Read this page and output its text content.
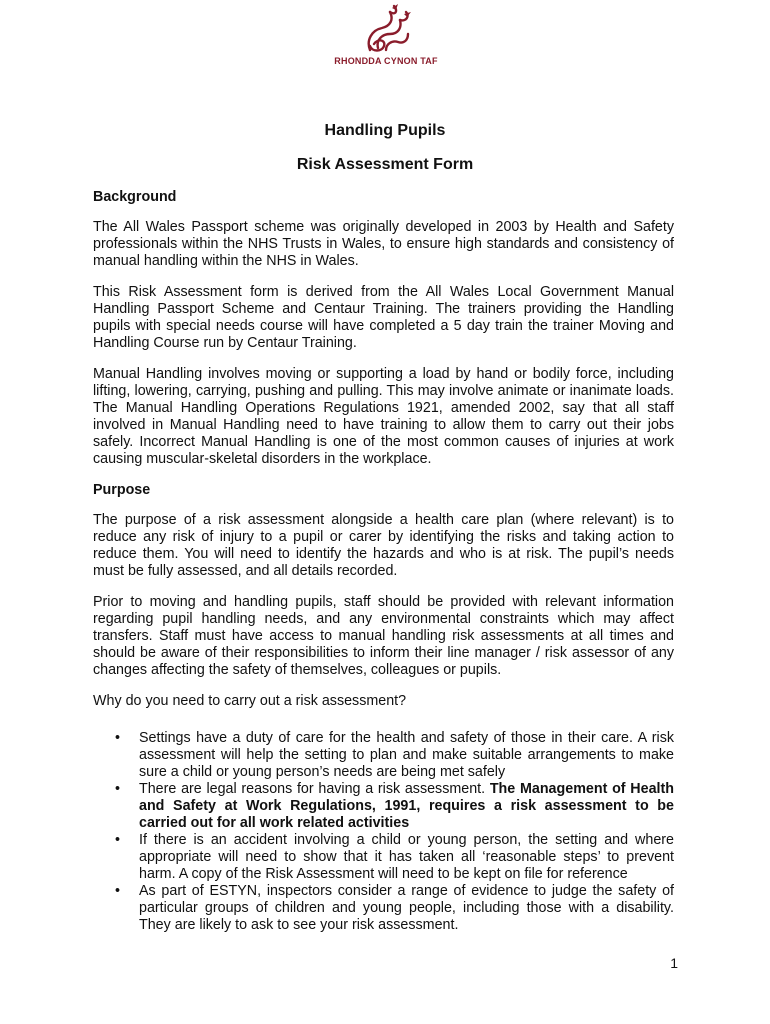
RHONDDA CYNON TAF
Handling Pupils
Risk Assessment Form
Background

The All Wales Passport scheme was originally developed in 2003 by Health and Safety professionals within the NHS Trusts in Wales, to ensure high standards and consistency of manual handling within the NHS in Wales.

This Risk Assessment form is derived from the All Wales Local Government Manual Handling Passport Scheme and Centaur Training. The trainers providing the Handling pupils with special needs course will have completed a 5 day train the trainer Moving and Handling Course run by Centaur Training.

Manual Handling involves moving or supporting a load by hand or bodily force, including lifting, lowering, carrying, pushing and pulling. This may involve animate or inanimate loads. The Manual Handling Operations Regulations 1921, amended 2002, say that all staff involved in Manual Handling need to have training to allow them to carry out their jobs safely. Incorrect Manual Handling is one of the most common causes of injuries at work causing muscular-skeletal disorders in the workplace.

Purpose

The purpose of a risk assessment alongside a health care plan (where relevant) is to reduce any risk of injury to a pupil or carer by identifying the risks and taking action to reduce them. You will need to identify the hazards and who is at risk. The pupil’s needs must be fully assessed, and all details recorded.

Prior to moving and handling pupils, staff should be provided with relevant information regarding pupil handling needs, and any environmental constraints which may affect transfers. Staff must have access to manual handling risk assessments at all times and should be aware of their responsibilities to inform their line manager / risk assessor of any changes affecting the safety of themselves, colleagues or pupils.

Why do you need to carry out a risk assessment?

• Settings have a duty of care for the health and safety of those in their care. A risk assessment will help the setting to plan and make suitable arrangements to make sure a child or young person’s needs are being met safely
• There are legal reasons for having a risk assessment. The Management of Health and Safety at Work Regulations, 1991, requires a risk assessment to be carried out for all work related activities
• If there is an accident involving a child or young person, the setting and where appropriate will need to show that it has taken all ‘reasonable steps’ to prevent harm. A copy of the Risk Assessment will need to be kept on file for reference
• As part of ESTYN, inspectors consider a range of evidence to judge the safety of particular groups of children and young people, including those with a disability. They are likely to ask to see your risk assessment.
1
